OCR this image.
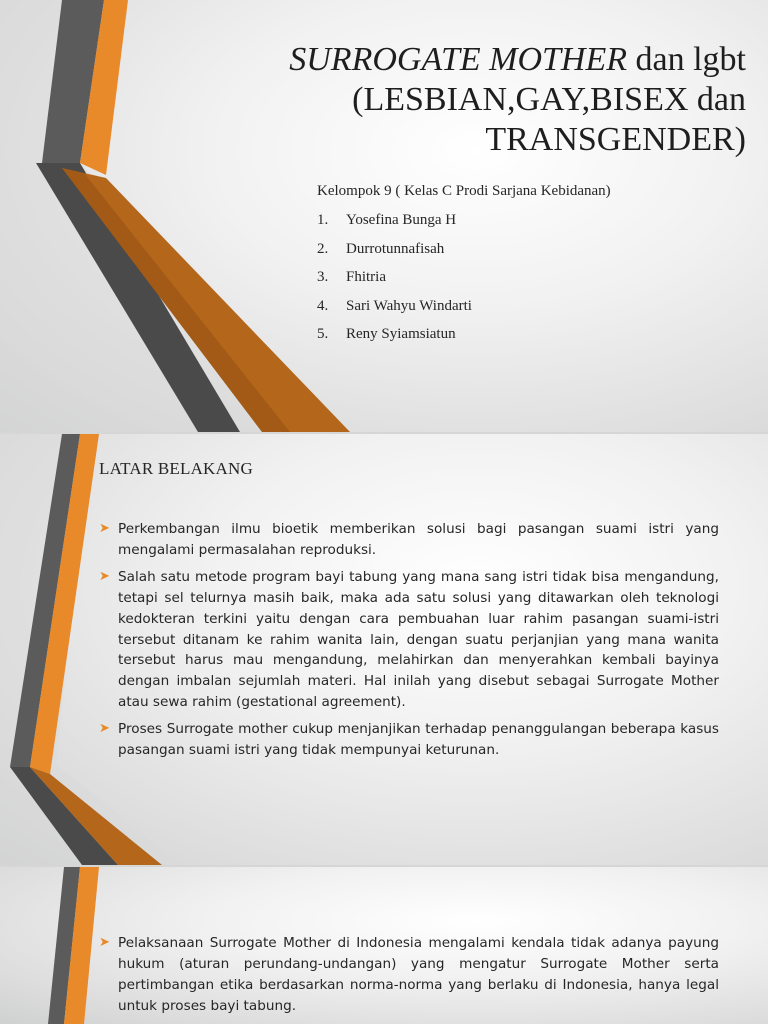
SURROGATE MOTHER dan lgbt (LESBIAN,GAY,BISEX dan TRANSGENDER)
Kelompok 9 ( Kelas C Prodi Sarjana Kebidanan)
1.	Yosefina Bunga H
2.	Durrotunnafisah
3.	Fhitria
4.	Sari Wahyu Windarti
5.	Reny Syiamsiatun
LATAR BELAKANG
➤ Perkembangan ilmu bioetik memberikan solusi bagi pasangan suami istri yang mengalami permasalahan reproduksi.
➤ Salah satu metode program bayi tabung yang mana sang istri tidak bisa mengandung, tetapi sel telurnya masih baik, maka ada satu solusi yang ditawarkan oleh teknologi kedokteran terkini yaitu dengan cara pembuahan luar rahim pasangan suami-istri tersebut ditanam ke rahim wanita lain, dengan suatu perjanjian yang mana wanita tersebut harus mau mengandung, melahirkan dan menyerahkan kembali bayinya dengan imbalan sejumlah materi. Hal inilah yang disebut sebagai Surrogate Mother atau sewa rahim (gestational agreement).
➤ Proses Surrogate mother cukup menjanjikan terhadap penanggulangan beberapa kasus pasangan suami istri yang tidak mempunyai keturunan.
➤ Pelaksanaan Surrogate Mother di Indonesia mengalami kendala tidak adanya payung hukum (aturan perundang-undangan) yang mengatur Surrogate Mother serta pertimbangan etika berdasarkan norma-norma yang berlaku di Indonesia, hanya legal untuk proses bayi tabung.
